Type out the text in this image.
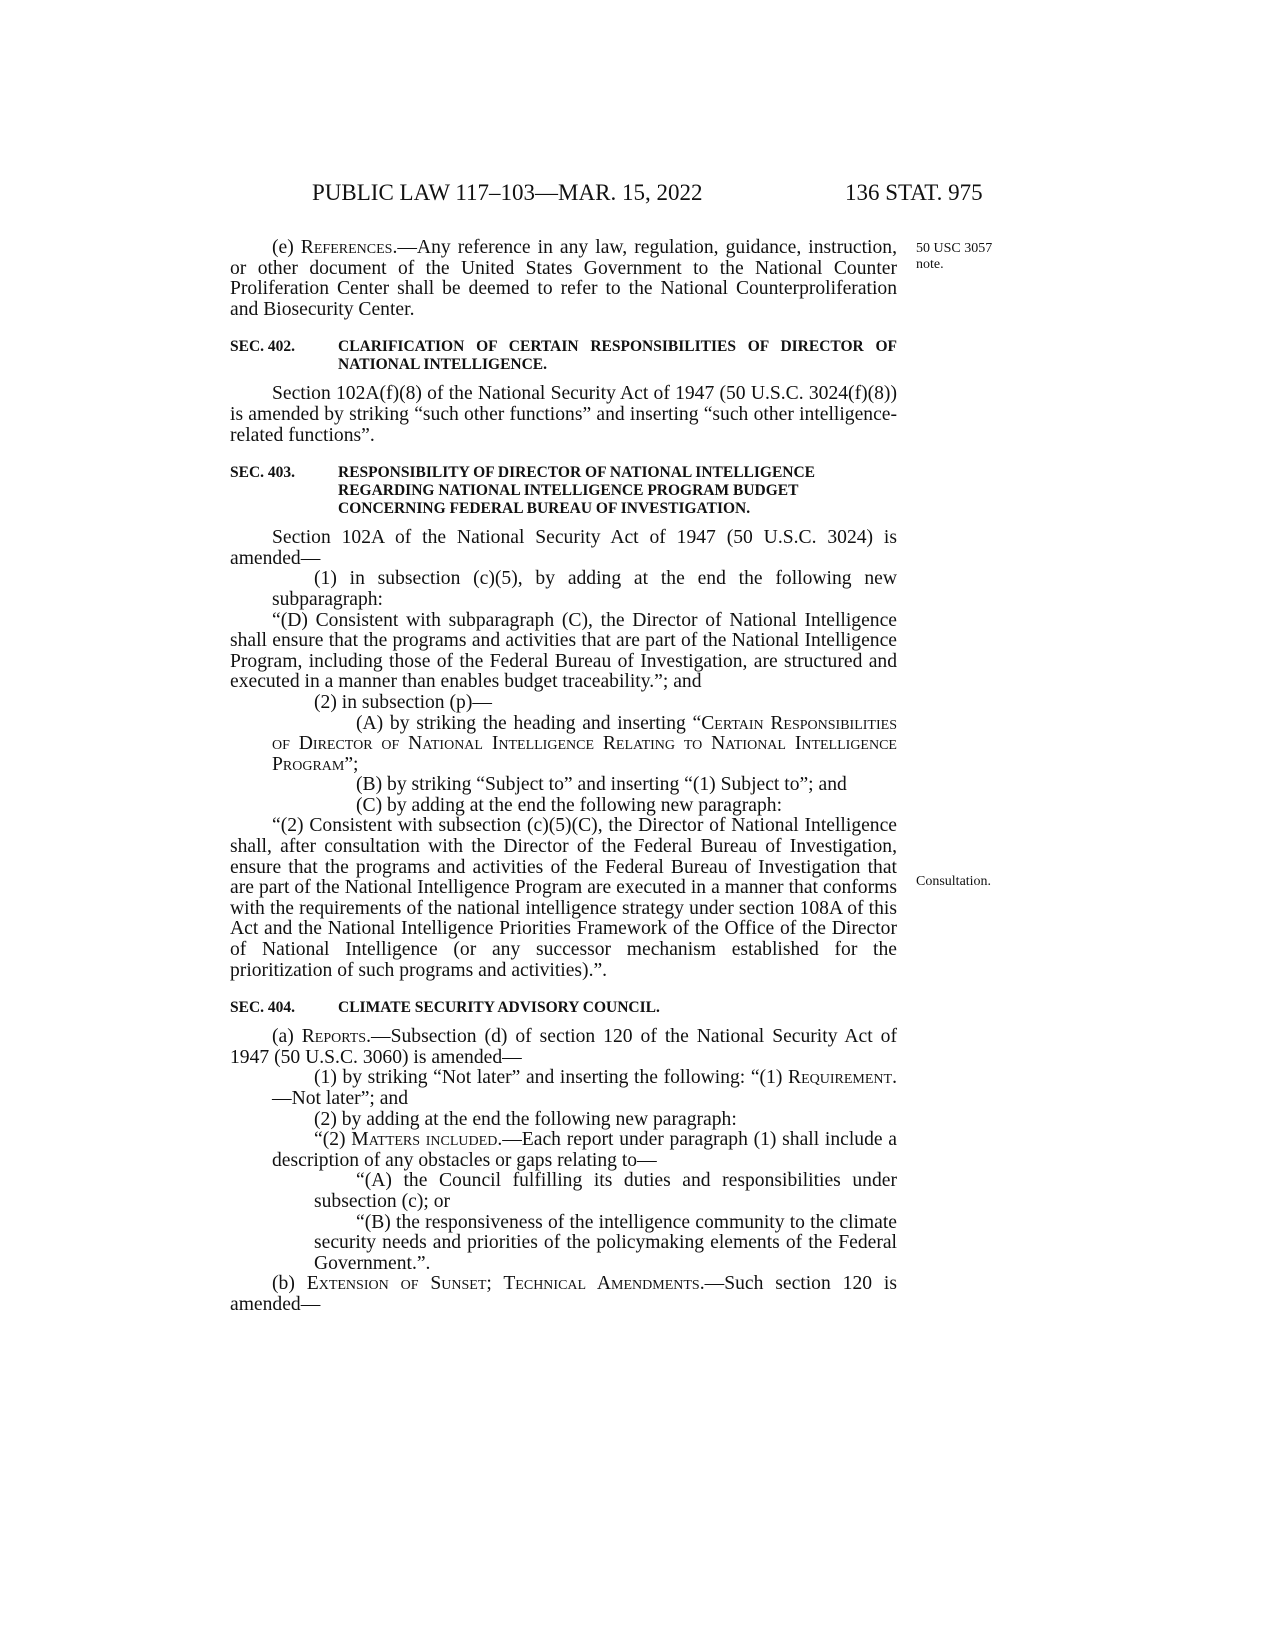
PUBLIC LAW 117–103—MAR. 15, 2022	136 STAT. 975
50 USC 3057
note.
Consultation.

(e) References.—Any reference in any law, regulation, guidance, instruction, or other document of the United States Government to the National Counter Proliferation Center shall be deemed to refer to the National Counterproliferation and Biosecurity Center.

SEC. 402.	CLARIFICATION OF CERTAIN RESPONSIBILITIES OF DIRECTOR OF NATIONAL INTELLIGENCE.

Section 102A(f)(8) of the National Security Act of 1947 (50 U.S.C. 3024(f)(8)) is amended by striking “such other functions” and inserting “such other intelligence-related functions”.

SEC. 403.	RESPONSIBILITY OF DIRECTOR OF NATIONAL INTELLIGENCE REGARDING NATIONAL INTELLIGENCE PROGRAM BUDGET CONCERNING FEDERAL BUREAU OF INVESTIGATION.

Section 102A of the National Security Act of 1947 (50 U.S.C. 3024) is amended—

(1) in subsection (c)(5), by adding at the end the following new subparagraph:

“(D) Consistent with subparagraph (C), the Director of National Intelligence shall ensure that the programs and activities that are part of the National Intelligence Program, including those of the Federal Bureau of Investigation, are structured and executed in a manner than enables budget traceability.”; and

(2) in subsection (p)—

(A) by striking the heading and inserting “Certain Responsibilities of Director of National Intelligence Relating to National Intelligence Program”;

(B) by striking “Subject to” and inserting “(1) Subject to”; and

(C) by adding at the end the following new paragraph:

“(2) Consistent with subsection (c)(5)(C), the Director of National Intelligence shall, after consultation with the Director of the Federal Bureau of Investigation, ensure that the programs and activities of the Federal Bureau of Investigation that are part of the National Intelligence Program are executed in a manner that conforms with the requirements of the national intelligence strategy under section 108A of this Act and the National Intelligence Priorities Framework of the Office of the Director of National Intelligence (or any successor mechanism established for the prioritization of such programs and activities).”.

SEC. 404.	CLIMATE SECURITY ADVISORY COUNCIL.

(a) Reports.—Subsection (d) of section 120 of the National Security Act of 1947 (50 U.S.C. 3060) is amended—

(1) by striking “Not later” and inserting the following: “(1) Requirement.—Not later”; and

(2) by adding at the end the following new paragraph:

“(2) Matters included.—Each report under paragraph (1) shall include a description of any obstacles or gaps relating to—

“(A) the Council fulfilling its duties and responsibilities under subsection (c); or

“(B) the responsiveness of the intelligence community to the climate security needs and priorities of the policymaking elements of the Federal Government.”.

(b) Extension of Sunset; Technical Amendments.—Such section 120 is amended—
